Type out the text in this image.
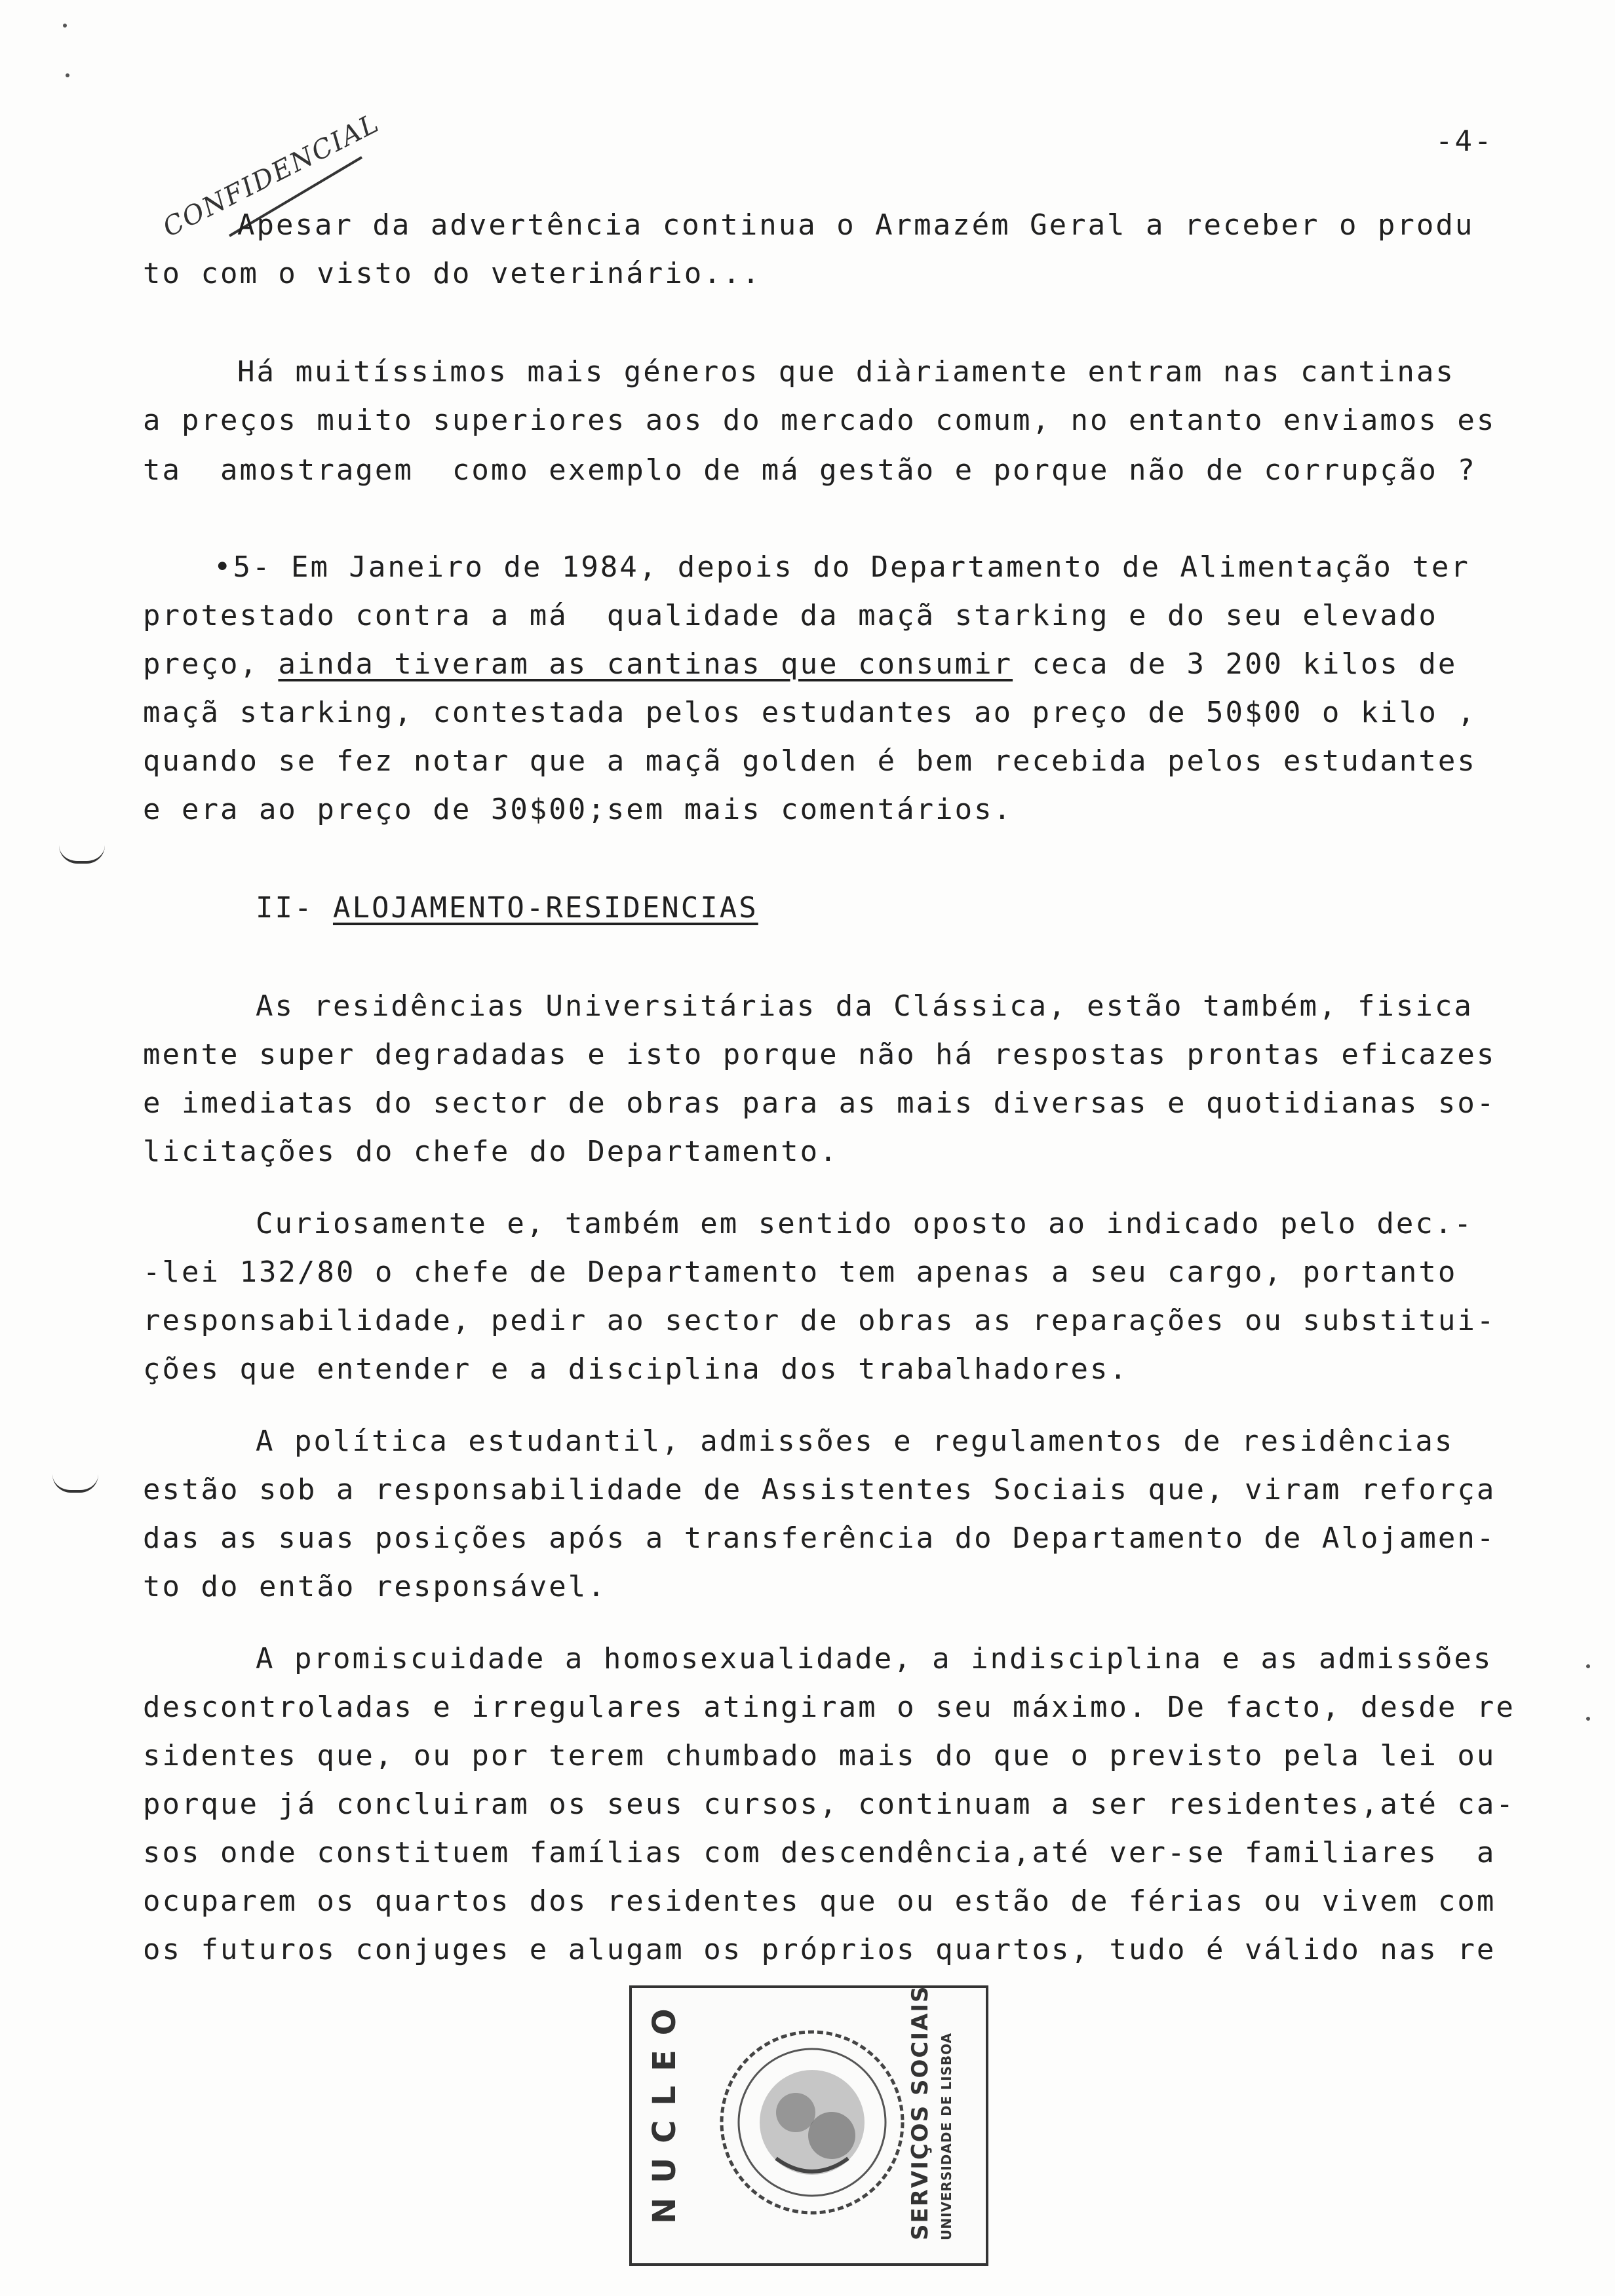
-4-
CONFIDENCIAL
Apesar da advertência continua o Armazém Geral a receber o produ
to com o visto do veterinário...
Há muitíssimos mais géneros que diàriamente entram nas cantinas
a preços muito superiores aos do mercado comum, no entanto enviamos es
ta  amostragem  como exemplo de má gestão e porque não de corrupção ?
•5- Em Janeiro de 1984, depois do Departamento de Alimentação ter
protestado contra a má  qualidade da maçã starking e do seu elevado
preço, ainda tiveram as cantinas que consumir ceca de 3 200 kilos de
maçã starking, contestada pelos estudantes ao preço de 50$00 o kilo ,
quando se fez notar que a maçã golden é bem recebida pelos estudantes
e era ao preço de 30$00;sem mais comentários.
II- ALOJAMENTO-RESIDENCIAS
As residências Universitárias da Clássica, estão também, fisica
mente super degradadas e isto porque não há respostas prontas eficazes
e imediatas do sector de obras para as mais diversas e quotidianas so-
licitações do chefe do Departamento.
Curiosamente e, também em sentido oposto ao indicado pelo dec.-
-lei 132/80 o chefe de Departamento tem apenas a seu cargo, portanto
responsabilidade, pedir ao sector de obras as reparações ou substitui-
ções que entender e a disciplina dos trabalhadores.
A política estudantil, admissões e regulamentos de residências
estão sob a responsabilidade de Assistentes Sociais que, viram reforça
das as suas posições após a transferência do Departamento de Alojamen-
to do então responsável.
A promiscuidade a homosexualidade, a indisciplina e as admissões
descontroladas e irregulares atingiram o seu máximo. De facto, desde re
sidentes que, ou por terem chumbado mais do que o previsto pela lei ou
porque já concluiram os seus cursos, continuam a ser residentes,até ca-
sos onde constituem famílias com descendência,até ver-se familiares  a
ocuparem os quartos dos residentes que ou estão de férias ou vivem com
os futuros conjuges e alugam os próprios quartos, tudo é válido nas re
NUCLEO	SERVIÇOS SOCIAIS UNIVERSIDADE DE LISBOA
